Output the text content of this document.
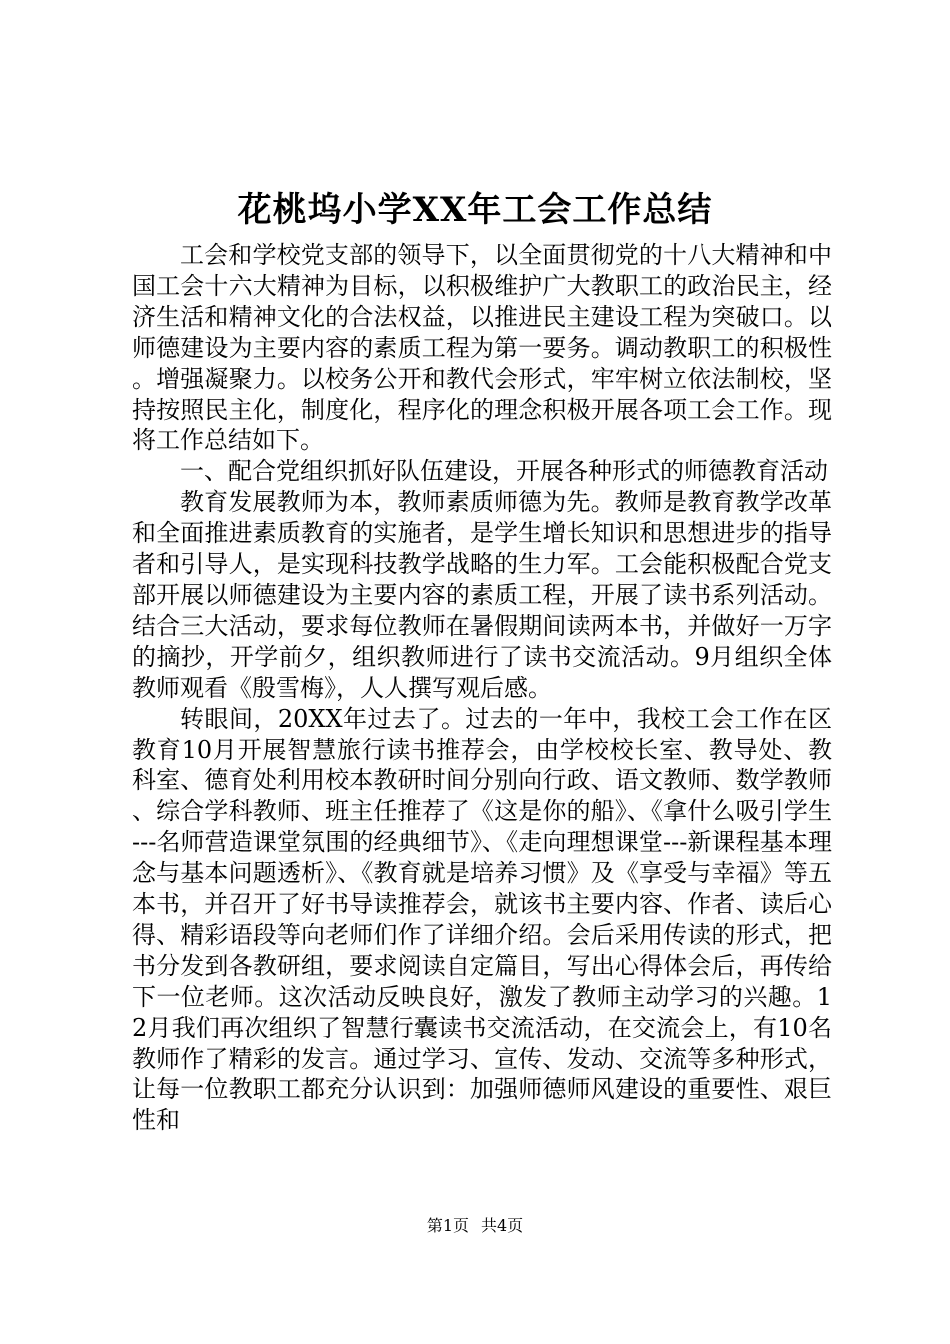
花桃坞小学XX年工会工作总结

工会和学校党支部的领导下，以全面贯彻党的十八大精神和中国工会十六大精神为目标，以积极维护广大教职工的政治民主，经济生活和精神文化的合法权益，以推进民主建设工程为突破口。以师德建设为主要内容的素质工程为第一要务。调动教职工的积极性。增强凝聚力。以校务公开和教代会形式，牢牢树立依法制校，坚持按照民主化，制度化，程序化的理念积极开展各项工会工作。现将工作总结如下。

一、配合党组织抓好队伍建设，开展各种形式的师德教育活动

教育发展教师为本，教师素质师德为先。教师是教育教学改革和全面推进素质教育的实施者，是学生增长知识和思想进步的指导者和引导人，是实现科技教学战略的生力军。工会能积极配合党支部开展以师德建设为主要内容的素质工程，开展了读书系列活动。结合三大活动，要求每位教师在暑假期间读两本书，并做好一万字的摘抄，开学前夕，组织教师进行了读书交流活动。9月组织全体教师观看《殷雪梅》，人人撰写观后感。

转眼间，20XX年过去了。过去的一年中，我校工会工作在区教育10月开展智慧旅行读书推荐会，由学校校长室、教导处、教科室、德育处利用校本教研时间分别向行政、语文教师、数学教师、综合学科教师、班主任推荐了《这是你的船》、《拿什么吸引学生---名师营造课堂氛围的经典细节》、《走向理想课堂---新课程基本理念与基本问题透析》、《教育就是培养习惯》及《享受与幸福》等五本书，并召开了好书导读推荐会，就该书主要内容、作者、读后心得、精彩语段等向老师们作了详细介绍。会后采用传读的形式，把书分发到各教研组，要求阅读自定篇目，写出心得体会后，再传给下一位老师。这次活动反映良好，激发了教师主动学习的兴趣。12月我们再次组织了智慧行囊读书交流活动，在交流会上，有10名教师作了精彩的发言。通过学习、宣传、发动、交流等多种形式，让每一位教职工都充分认识到：加强师德师风建设的重要性、艰巨性和

第1页 共4页
